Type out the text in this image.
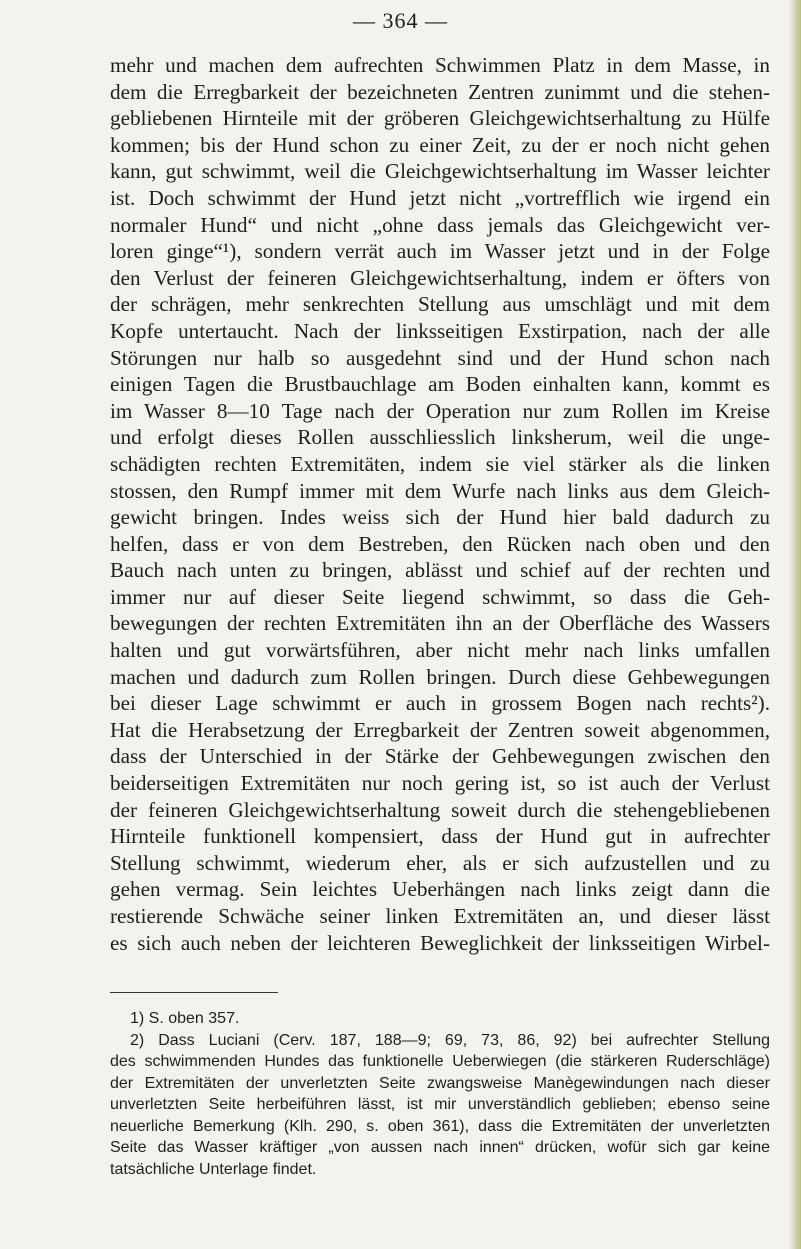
— 364 —
mehr und machen dem aufrechten Schwimmen Platz in dem Masse, in
dem die Erregbarkeit der bezeichneten Zentren zunimmt und die stehen-
gebliebenen Hirnteile mit der gröberen Gleichgewichtserhaltung zu Hülfe
kommen; bis der Hund schon zu einer Zeit, zu der er noch nicht gehen
kann, gut schwimmt, weil die Gleichgewichtserhaltung im Wasser leichter
ist. Doch schwimmt der Hund jetzt nicht „vortrefflich wie irgend ein
normaler Hund“ und nicht „ohne dass jemals das Gleichgewicht ver-
loren ginge“¹), sondern verrät auch im Wasser jetzt und in der Folge
den Verlust der feineren Gleichgewichtserhaltung, indem er öfters von
der schrägen, mehr senkrechten Stellung aus umschlägt und mit dem
Kopfe untertaucht. Nach der linksseitigen Exstirpation, nach der alle
Störungen nur halb so ausgedehnt sind und der Hund schon nach
einigen Tagen die Brustbauchlage am Boden einhalten kann, kommt es
im Wasser 8—10 Tage nach der Operation nur zum Rollen im Kreise
und erfolgt dieses Rollen ausschliesslich linksherum, weil die unge-
schädigten rechten Extremitäten, indem sie viel stärker als die linken
stossen, den Rumpf immer mit dem Wurfe nach links aus dem Gleich-
gewicht bringen. Indes weiss sich der Hund hier bald dadurch zu
helfen, dass er von dem Bestreben, den Rücken nach oben und den
Bauch nach unten zu bringen, ablässt und schief auf der rechten und
immer nur auf dieser Seite liegend schwimmt, so dass die Geh-
bewegungen der rechten Extremitäten ihn an der Oberfläche des Wassers
halten und gut vorwärtsführen, aber nicht mehr nach links umfallen
machen und dadurch zum Rollen bringen. Durch diese Gehbewegungen
bei dieser Lage schwimmt er auch in grossem Bogen nach rechts²).
Hat die Herabsetzung der Erregbarkeit der Zentren soweit abgenommen,
dass der Unterschied in der Stärke der Gehbewegungen zwischen den
beiderseitigen Extremitäten nur noch gering ist, so ist auch der Verlust
der feineren Gleichgewichtserhaltung soweit durch die stehengebliebenen
Hirnteile funktionell kompensiert, dass der Hund gut in aufrechter
Stellung schwimmt, wiederum eher, als er sich aufzustellen und zu
gehen vermag. Sein leichtes Ueberhängen nach links zeigt dann die
restierende Schwäche seiner linken Extremitäten an, und dieser lässt
es sich auch neben der leichteren Beweglichkeit der linksseitigen Wirbel-
1) S. oben 357.
2) Dass Luciani (Cerv. 187, 188—9; 69, 73, 86, 92) bei aufrechter Stellung
des schwimmenden Hundes das funktionelle Ueberwiegen (die stärkeren Ruderschläge)
der Extremitäten der unverletzten Seite zwangsweise Manègewindungen nach dieser
unverletzten Seite herbeiführen lässt, ist mir unverständlich geblieben; ebenso seine
neuerliche Bemerkung (Klh. 290, s. oben 361), dass die Extremitäten der unverletzten
Seite das Wasser kräftiger „von aussen nach innen“ drücken, wofür sich gar keine
tatsächliche Unterlage findet.
